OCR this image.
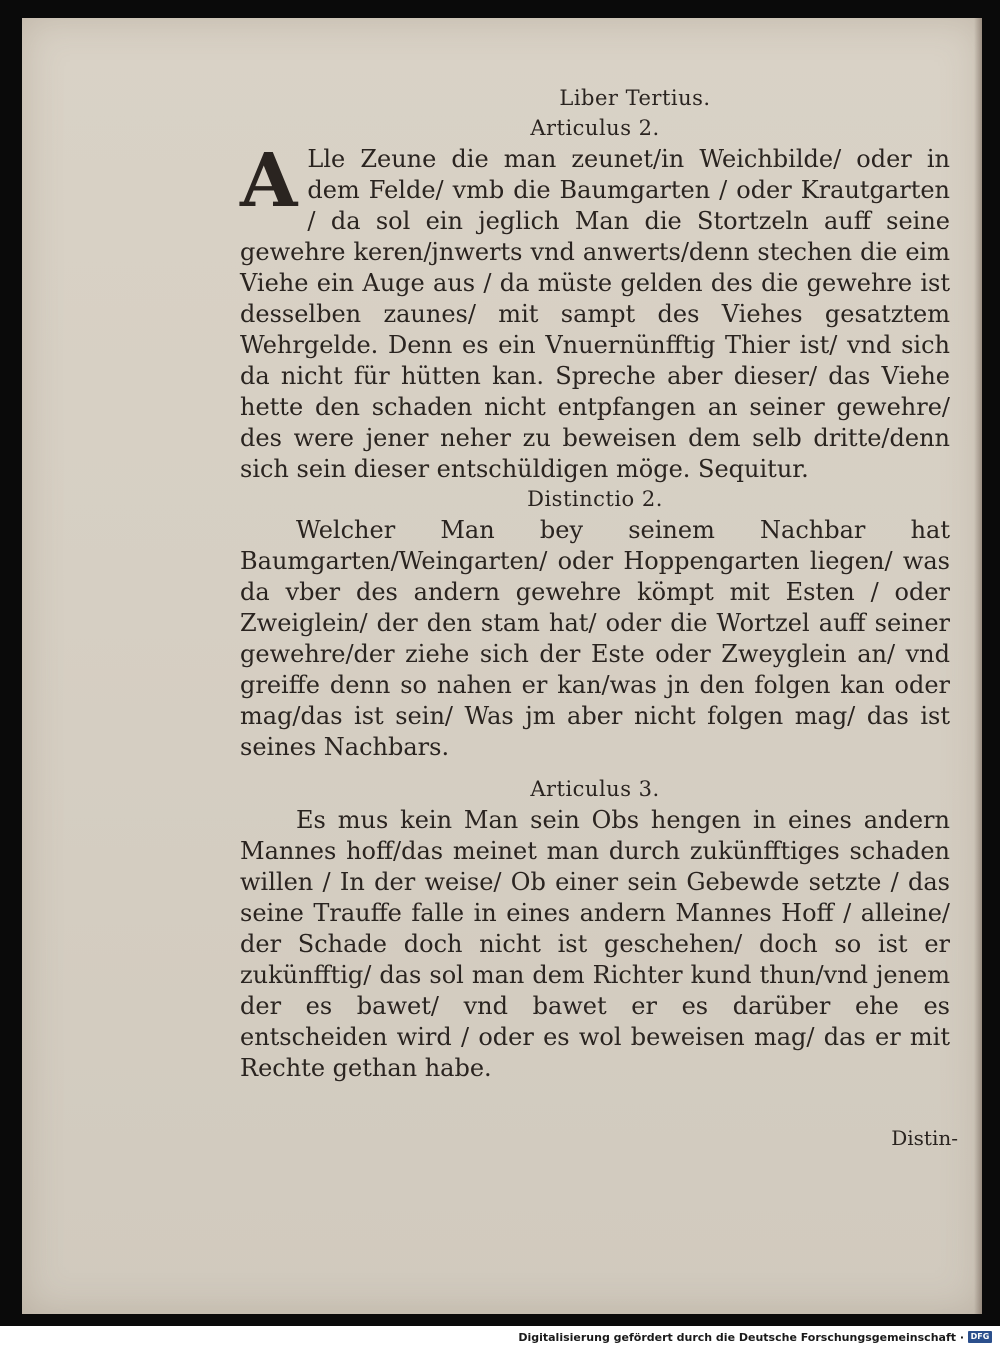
Liber Tertius.
Articulus 2.

A Lle Zeune die man zeunet/in Weichbilde/ oder in dem Felde/ vmb die Baumgarten / oder Krautgarten / da sol ein jeglich Man die Stortzeln auff seine gewehre keren/jnwerts vnd anwerts/denn stechen die eim Viehe ein Auge aus / da müste gelden des die gewehre ist desselben zaunes/ mit sampt des Viehes gesatztem Wehrgelde. Denn es ein Vnuernünfftig Thier ist/ vnd sich da nicht für hütten kan. Spreche aber dieser/ das Viehe hette den schaden nicht entpfangen an seiner gewehre/ des were jener neher zu beweisen dem selb dritte/denn sich sein dieser entschüldigen möge. Sequitur.

Distinctio 2.

Welcher Man bey seinem Nachbar hat Baumgarten/Weingarten/ oder Hoppengarten liegen/ was da vber des andern gewehre kömpt mit Esten / oder Zweiglein/ der den stam hat/ oder die Wortzel auff seiner gewehre/der ziehe sich der Este oder Zweyglein an/ vnd greiffe denn so nahen er kan/was jn den folgen kan oder mag/das ist sein/ Was jm aber nicht folgen mag/ das ist seines Nachbars.

Articulus 3.

Es mus kein Man sein Obs hengen in eines andern Mannes hoff/das meinet man durch zukünfftiges schaden willen / In der weise/ Ob einer sein Gebewde setzte / das seine Trauffe falle in eines andern Mannes Hoff / alleine/ der Schade doch nicht ist geschehen/ doch so ist er zukünfftig/ das sol man dem Richter kund thun/vnd jenem der es bawet/ vnd bawet er es darüber ehe es entscheiden wird / oder es wol beweisen mag/ das er mit Rechte gethan habe.

Distin-
Digitalisierung gefördert durch die Deutsche Forschungsgemeinschaft · DFG
